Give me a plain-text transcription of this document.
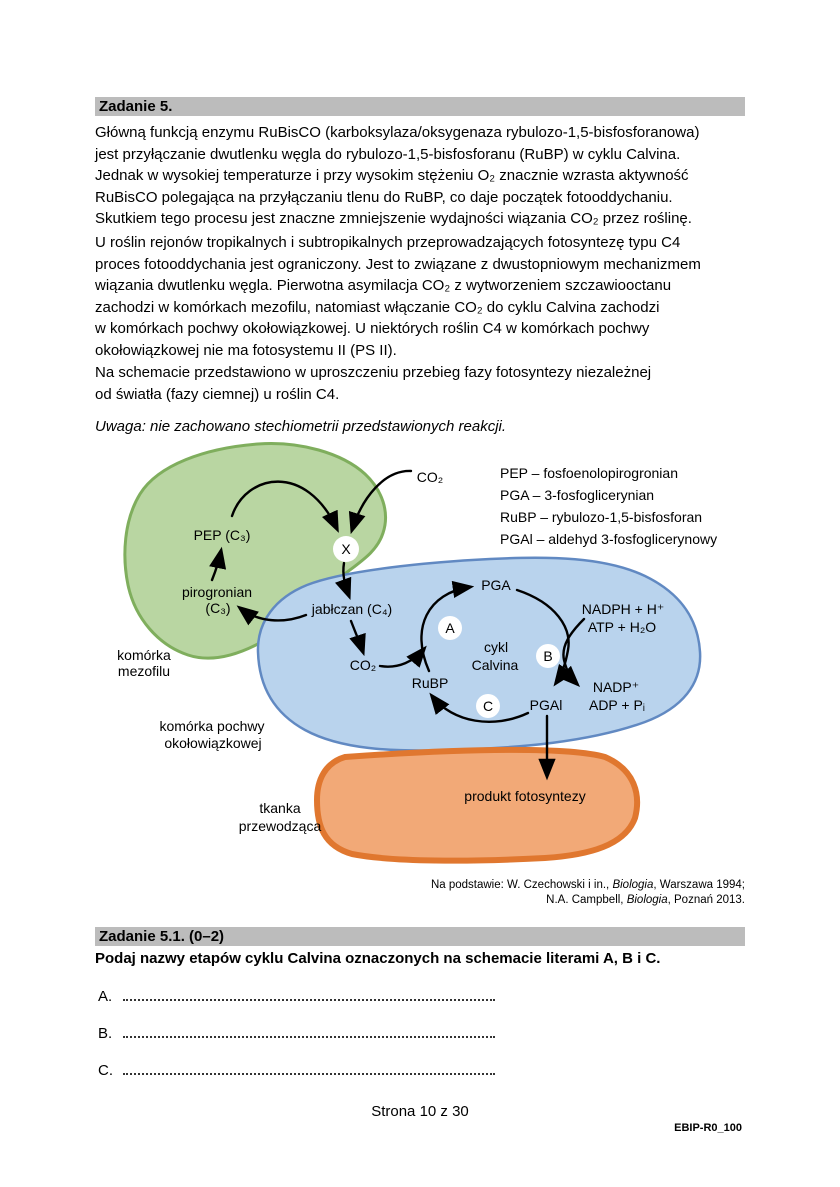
Zadanie 5.
Główną funkcją enzymu RuBisCO (karboksylaza/oksygenaza rybulozo-1,5-bisfosforanowa)
jest przyłączanie dwutlenku węgla do rybulozo-1,5-bisfosforanu (RuBP) w cyklu Calvina.
Jednak w wysokiej temperaturze i przy wysokim stężeniu O₂ znacznie wzrasta aktywność
RuBisCO polegająca na przyłączaniu tlenu do RuBP, co daje początek fotooddychaniu.
Skutkiem tego procesu jest znaczne zmniejszenie wydajności wiązania CO₂ przez roślinę.
U roślin rejonów tropikalnych i subtropikalnych przeprowadzających fotosyntezę typu C4
proces fotooddychania jest ograniczony. Jest to związane z dwustopniowym mechanizmem
wiązania dwutlenku węgla. Pierwotna asymilacja CO₂ z wytworzeniem szczawiooctanu
zachodzi w komórkach mezofilu, natomiast włączanie CO₂ do cyklu Calvina zachodzi
w komórkach pochwy okołowiązkowej. U niektórych roślin C4 w komórkach pochwy
okołowiązkowej nie ma fotosystemu II (PS II).
Na schemacie przedstawiono w uproszczeniu przebieg fazy fotosyntezy niezależnej
od światła (fazy ciemnej) u roślin C4.
Uwaga: nie zachowano stechiometrii przedstawionych reakcji.
X
A
B
C
CO₂
PEP (C₃)
pirogronian
(C₃)	jabłczan (C₄)
CO₂
RuBP
PGA
cykl
Calvina
PGAl
NADPH + H⁺
ATP + H₂O
NADP⁺
ADP + Pᵢ
komórka
mezofilu
komórka pochwy
okołowiązkowej
tkanka
przewodząca
produkt fotosyntezy
PEP – fosfoenolopirogronian
PGA – 3-fosfoglicerynian
RuBP – rybulozo-1,5-bisfosforan
PGAl – aldehyd 3-fosfoglicerynowy
Na podstawie: W. Czechowski i in., Biologia, Warszawa 1994;
N.A. Campbell, Biologia, Poznań 2013.
Zadanie 5.1. (0–2)
Podaj nazwy etapów cyklu Calvina oznaczonych na schemacie literami A, B i C.
A.
B.
C.
Strona 10 z 30
EBIP-R0_100
